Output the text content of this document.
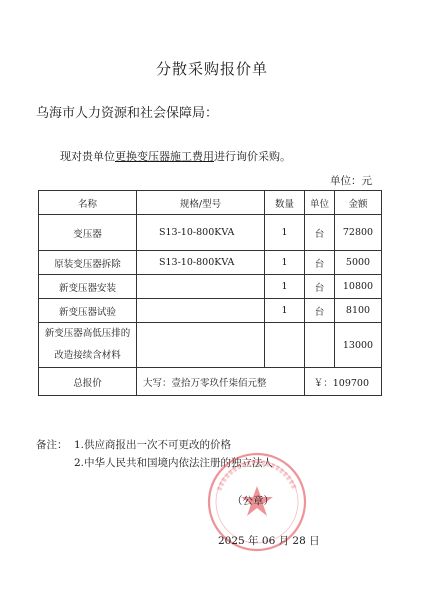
分散采购报价单
乌海市人力资源和社会保障局：
现对贵单位更换变压器施工费用进行询价采购。
单位：元
名称	规格/型号	数量	单位	金额
变压器	S13-10-800KVA	1	台	72800
原装变压器拆除	S13-10-800KVA	1	台	5000
新变压器安装		1	台	10800
新变压器试验		1	台	8100
新变压器高低压排的改造接续含材料				13000
总报价	大写：壹拾万零玖仟柒佰元整		￥：109700	
备注： 1.供应商报出一次不可更改的价格
2.中华人民共和国境内依法注册的独立法人
（公章）
2025 年 06 月 28 日
